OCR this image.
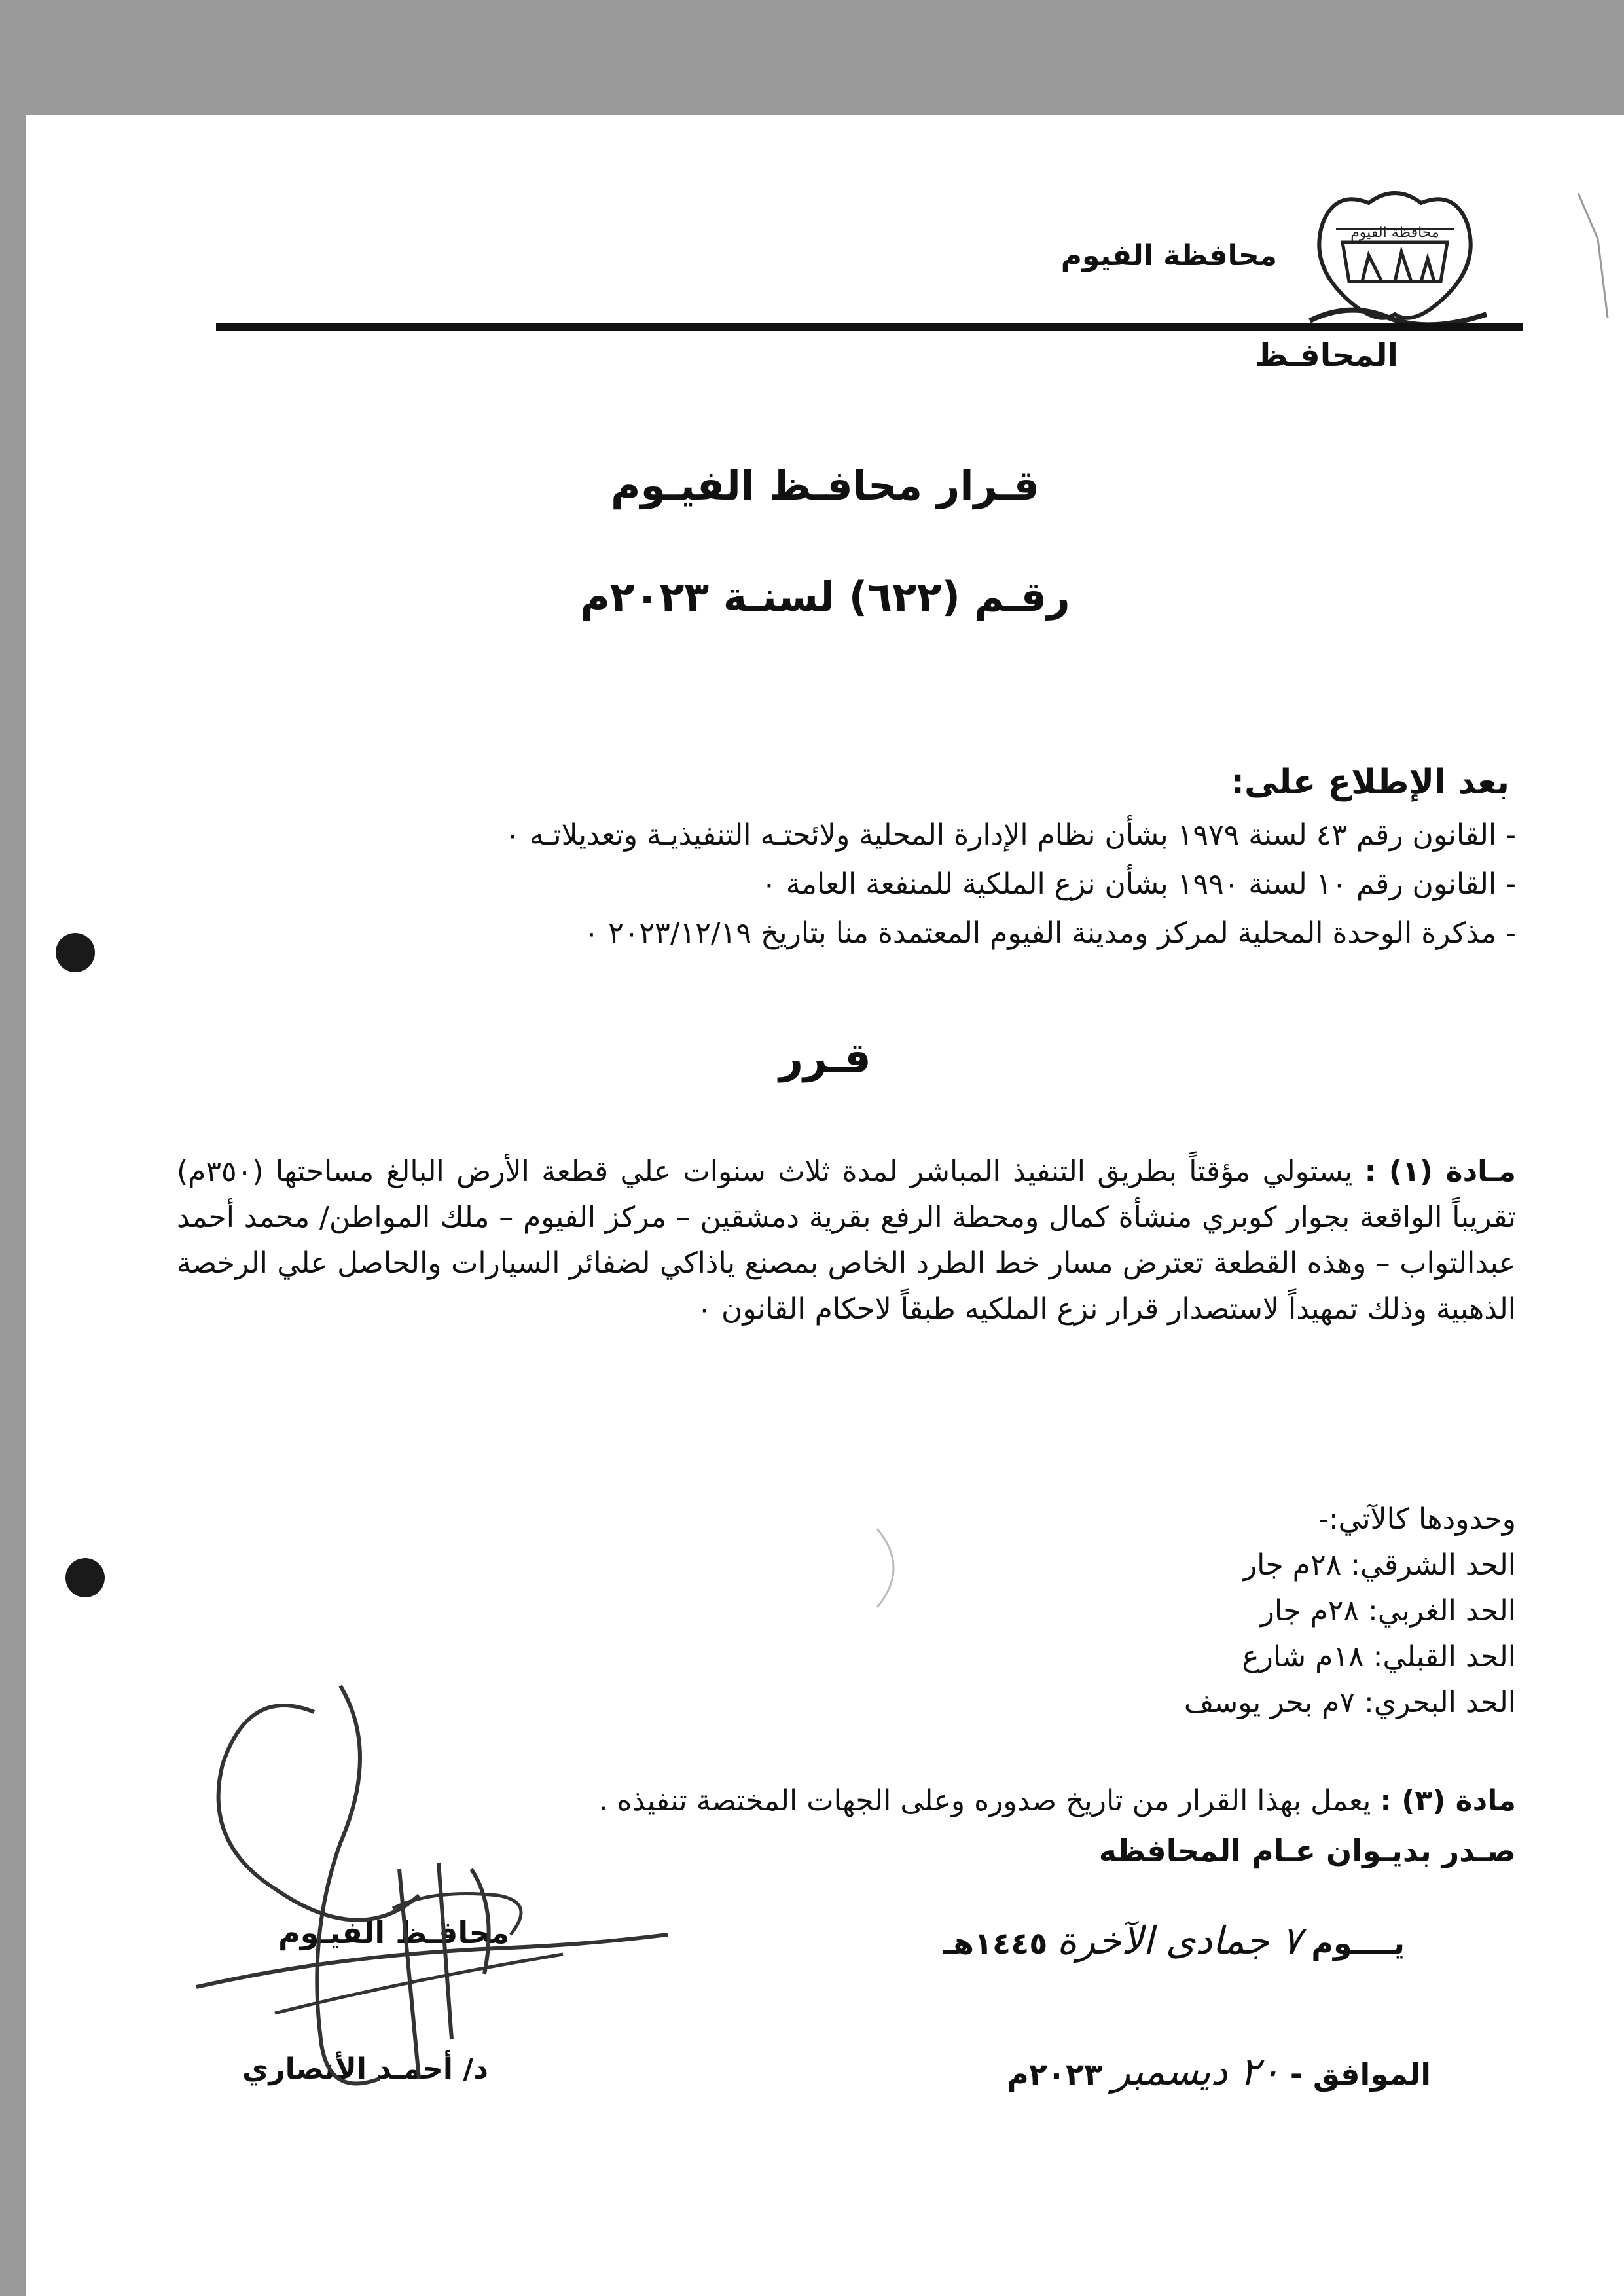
محافظة الفيوم
محافظة الفيوم
المحافـظ
قـرار محافـظ الفيـوم
رقـم (٦٢٢) لسنـة ٢٠٢٣م
بعد الإطلاع على:
- القانون رقم ٤٣ لسنة ١٩٧٩ بشأن نظام الإدارة المحلية ولائحتـه التنفيذيـة وتعديلاتـه ٠
- القانون رقم ١٠ لسنة ١٩٩٠ بشأن نزع الملكية للمنفعة العامة ٠
- مذكرة الوحدة المحلية لمركز ومدينة الفيوم المعتمدة منا بتاريخ ٢٠٢٣/١٢/١٩ ٠
قـرر
مـادة (١) : يستولي مؤقتاً بطريق التنفيذ المباشر لمدة ثلاث سنوات علي قطعة الأرض البالغ مساحتها (٣٥٠م) تقريباً الواقعة بجوار كوبري منشأة كمال ومحطة الرفع بقرية دمشقين – مركز الفيوم – ملك المواطن/ محمد أحمد عبدالتواب – وهذه القطعة تعترض مسار خط الطرد الخاص بمصنع ياذاكي لضفائر السيارات والحاصل علي الرخصة الذهبية وذلك تمهيداً لاستصدار قرار نزع الملكيه طبقاً لاحكام القانون ٠
وحدودها كالآتي:-
الحد الشرقي: ٢٨م جار
الحد الغربي: ٢٨م جار
الحد القبلي: ١٨م شارع
الحد البحري: ٧م بحر يوسف
مادة (٣) : يعمل بهذا القرار من تاريخ صدوره وعلى الجهات المختصة تنفيذه .
صـدر بديـوان عـام المحافظه
يــــوم ٧ جمادى الآخرة ١٤٤٥هـ
الموافق - ٢٠ ديسمبر ٢٠٢٣م
محافـظ الفيـوم
د/ أحمـد الأنصاري
